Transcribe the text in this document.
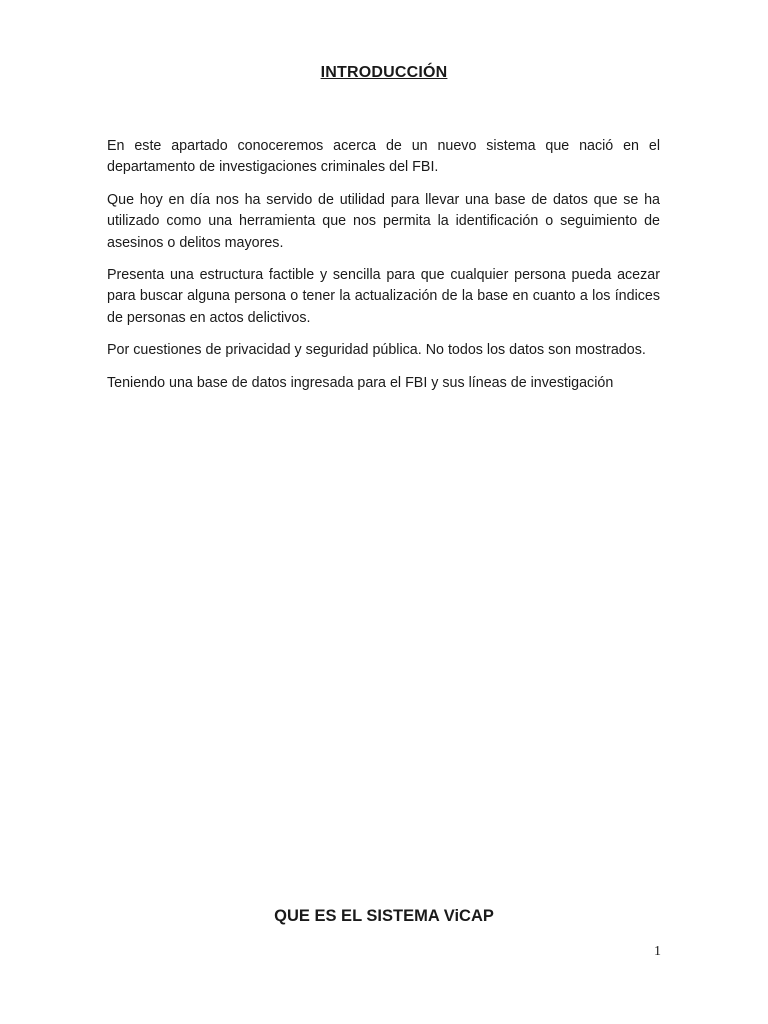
INTRODUCCIÓN

En este apartado conoceremos acerca de un nuevo sistema que nació en el departamento de investigaciones criminales del FBI.

Que hoy en día nos ha servido de utilidad para llevar una base de datos que se ha utilizado como una herramienta que nos permita la identificación o seguimiento de asesinos o delitos mayores.

Presenta una estructura factible y sencilla para que cualquier persona pueda acezar para buscar alguna persona o tener la actualización de la base en cuanto a los índices de personas en actos delictivos.

Por cuestiones de privacidad y seguridad pública. No todos los datos son mostrados.

Teniendo una base de datos ingresada para el FBI y sus líneas de investigación

QUE ES EL SISTEMA ViCAP
1
